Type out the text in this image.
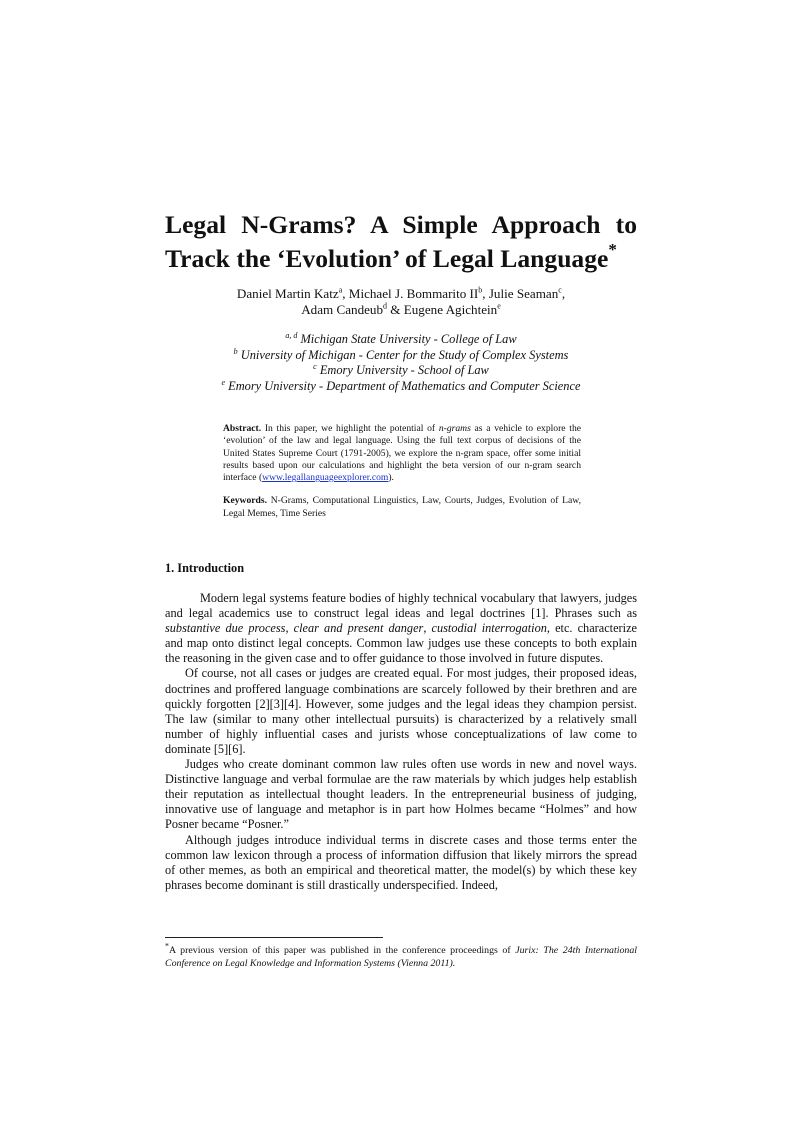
Legal N-Grams? A Simple Approach to
Track the ‘Evolution’ of Legal Language*
Daniel Martin Katz$^a$, Michael J. Bommarito $II^b$, Julie Seaman$^c$,
Adam Candeub$^d$ & Eugene Agichtein$^e$
$^{a, d}$ Michigan State University - College of Law
$^b$ University of Michigan - Center for the Study of Complex Systems
$^c$ Emory University - School of Law
$^e$ Emory University - Department of Mathematics and Computer Science

Abstract. In this paper, we highlight the potential of n-grams as a vehicle to explore the ‘evolution’ of the law and legal language. Using the full text corpus of decisions of the United States Supreme Court (1791-2005), we explore the n-gram space, offer some initial results based upon our calculations and highlight the beta version of our n-gram search interface (www.legallanguageexplorer.com).

Keywords. N-Grams, Computational Linguistics, Law, Courts, Judges, Evolution of Law, Legal Memes, Time Series

1. Introduction

Modern legal systems feature bodies of highly technical vocabulary that lawyers, judges and legal academics use to construct legal ideas and legal doctrines [1]. Phrases such as substantive due process, clear and present danger, custodial interrogation, etc. characterize and map onto distinct legal concepts. Common law judges use these concepts to both explain the reasoning in the given case and to offer guidance to those involved in future disputes.

Of course, not all cases or judges are created equal. For most judges, their proposed ideas, doctrines and proffered language combinations are scarcely followed by their brethren and are quickly forgotten [2][3][4]. However, some judges and the legal ideas they champion persist. The law (similar to many other intellectual pursuits) is characterized by a relatively small number of highly influential cases and jurists whose conceptualizations of law come to dominate [5][6].

Judges who create dominant common law rules often use words in new and novel ways. Distinctive language and verbal formulae are the raw materials by which judges help establish their reputation as intellectual thought leaders. In the entrepreneurial business of judging, innovative use of language and metaphor is in part how Holmes became “Holmes” and how Posner became “Posner.”

Although judges introduce individual terms in discrete cases and those terms enter the common law lexicon through a process of information diffusion that likely mirrors the spread of other memes, as both an empirical and theoretical matter, the model(s) by which these key phrases become dominant is still drastically underspecified. Indeed,

*A previous version of this paper was published in the conference proceedings of Jurix: The 24th International Conference on Legal Knowledge and Information Systems (Vienna 2011).
